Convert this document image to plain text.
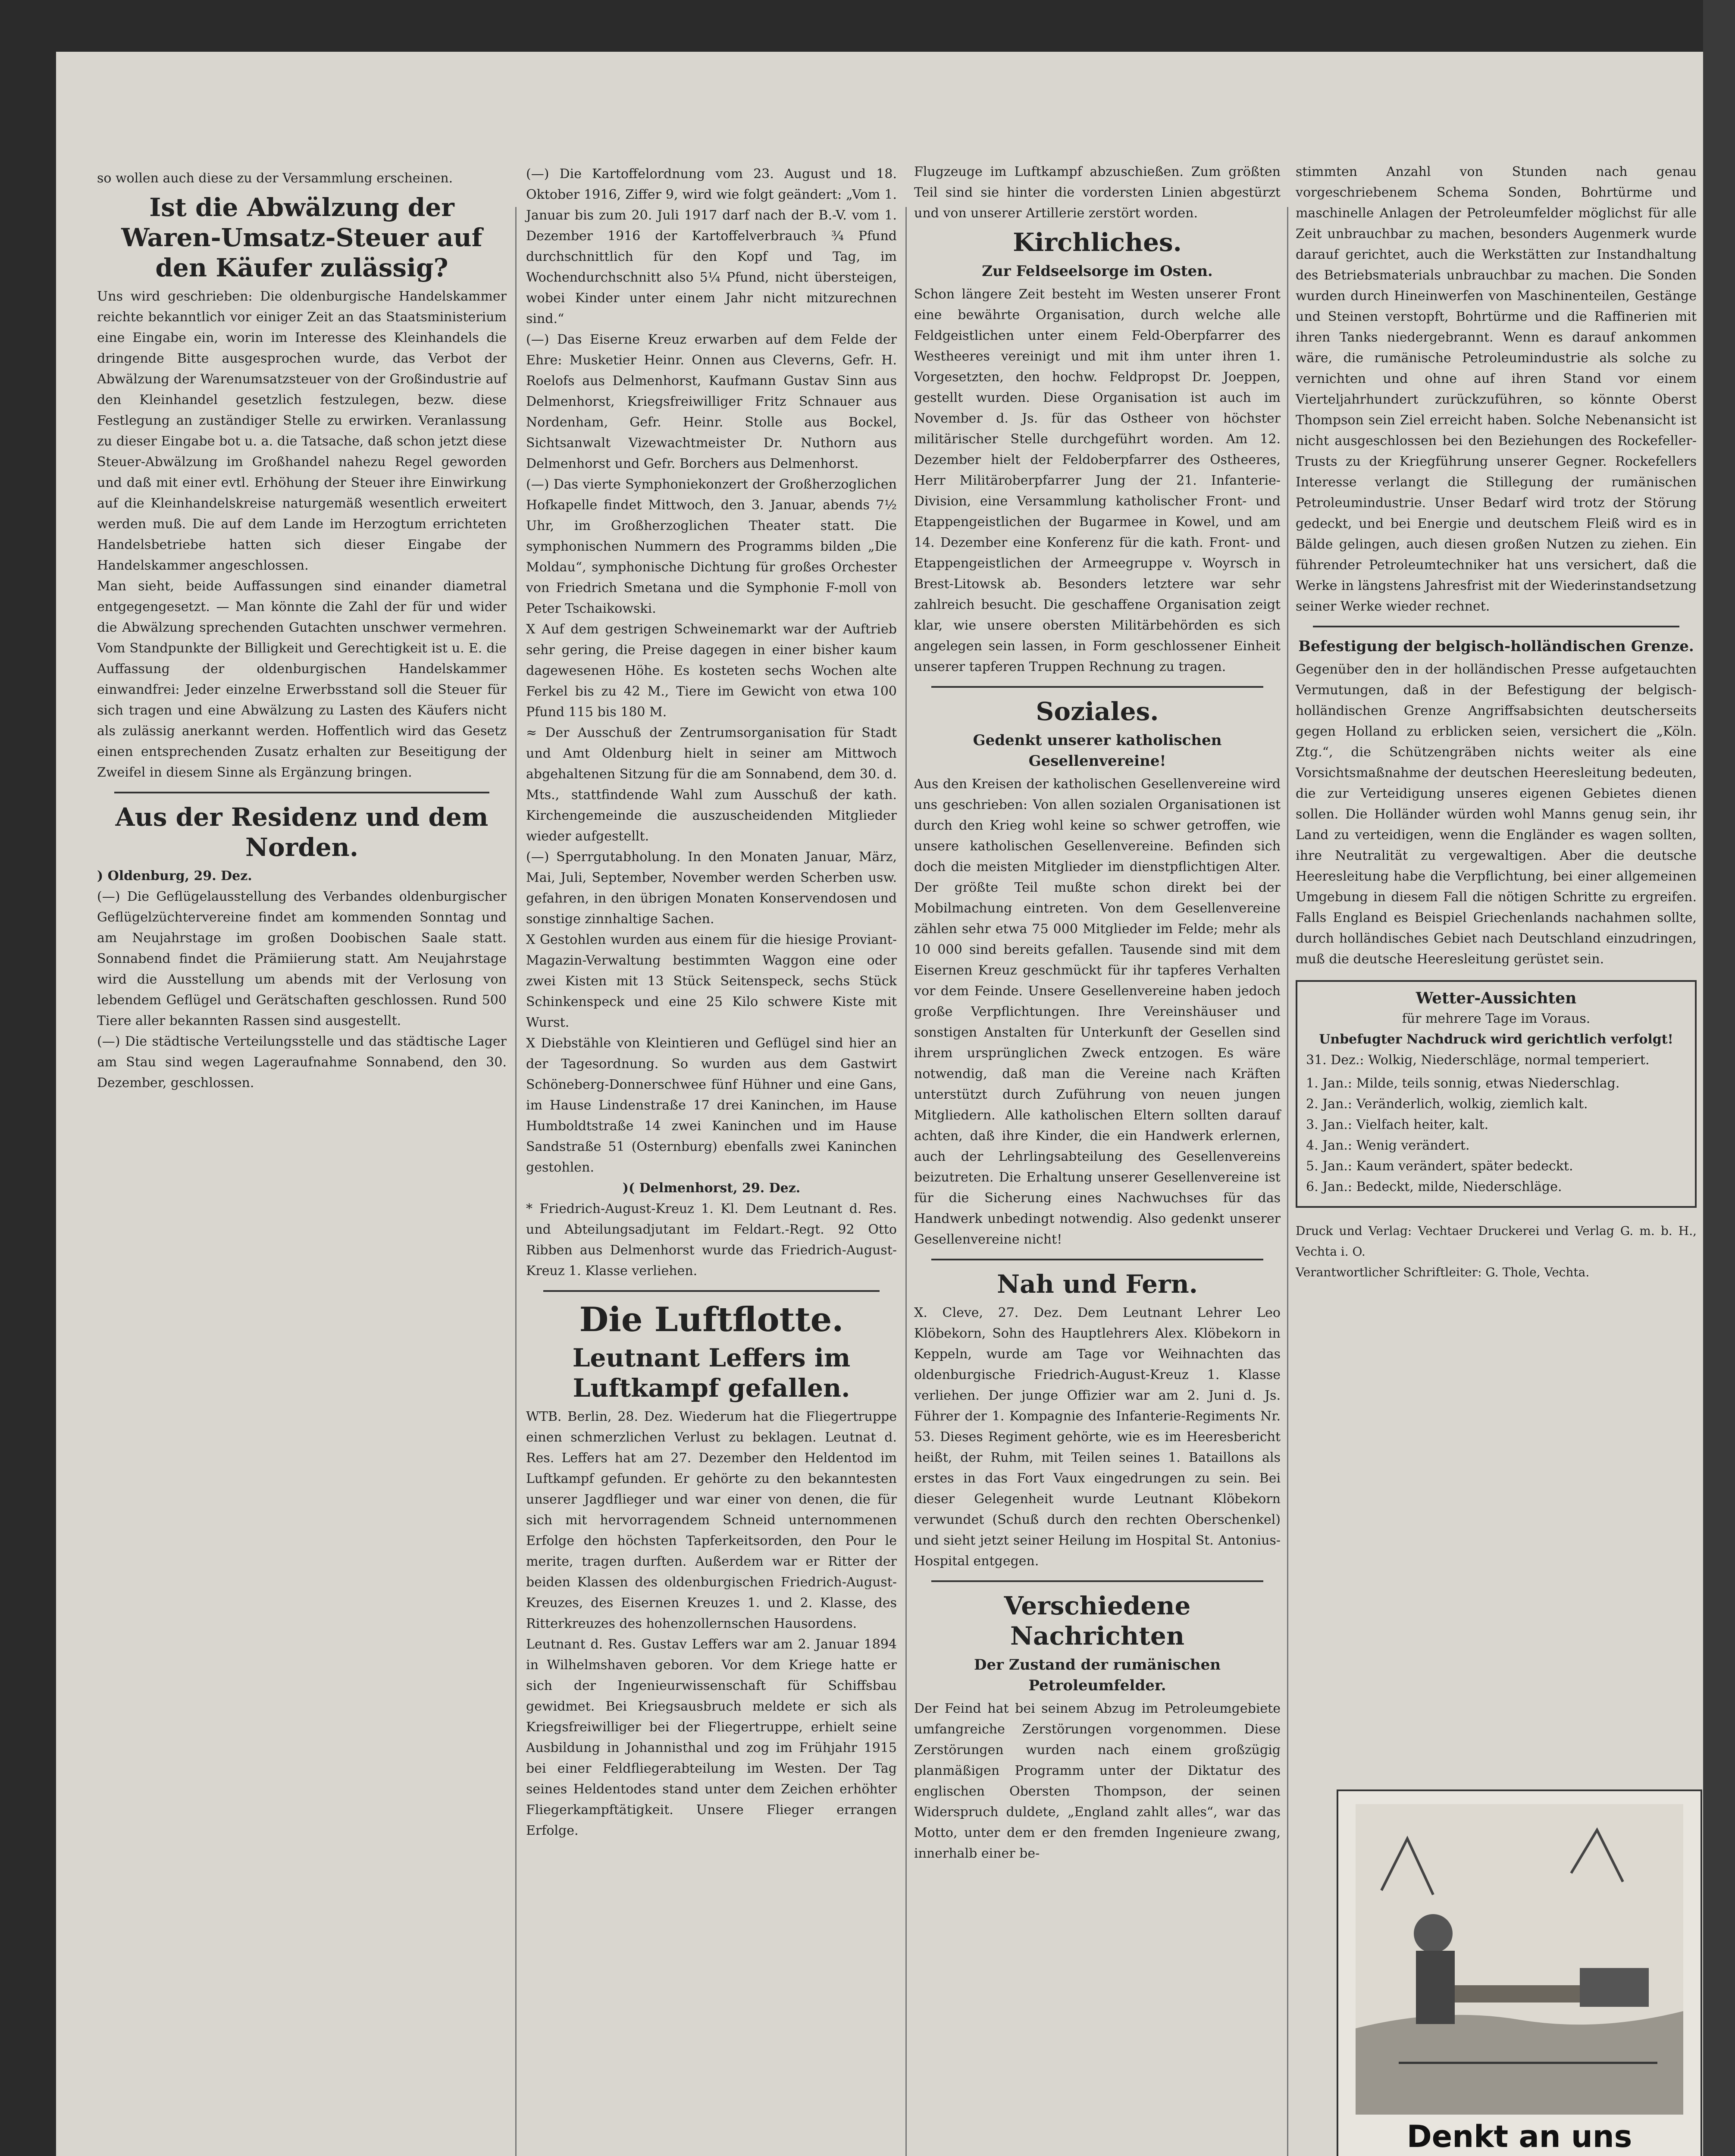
so wollen auch diese zu der Versammlung erscheinen.

Ist die Abwälzung der Waren-Umsatz-Steuer auf den Käufer zulässig?

Uns wird geschrieben: Die oldenburgische Handelskammer reichte bekanntlich vor einiger Zeit an das Staatsministerium eine Eingabe ein, worin im Interesse des Kleinhandels die dringende Bitte ausgesprochen wurde, das Verbot der Abwälzung der Warenumsatzsteuer von der Großindustrie auf den Kleinhandel gesetzlich festzulegen, bezw. diese Festlegung an zuständiger Stelle zu erwirken. Veranlassung zu dieser Eingabe bot u. a. die Tatsache, daß schon jetzt diese Steuer-Abwälzung im Großhandel nahezu Regel geworden und daß mit einer evtl. Erhöhung der Steuer ihre Einwirkung auf die Kleinhandelskreise naturgemäß wesentlich erweitert werden muß. Die auf dem Lande im Herzogtum errichteten Handelsbetriebe hatten sich dieser Eingabe der Handelskammer angeschlossen.

Man sieht, beide Auffassungen sind einander diametral entgegengesetzt. — Man könnte die Zahl der für und wider die Abwälzung sprechenden Gutachten unschwer vermehren. Vom Standpunkte der Billigkeit und Gerechtigkeit ist u. E. die Auffassung der oldenburgischen Handelskammer einwandfrei: Jeder einzelne Erwerbsstand soll die Steuer für sich tragen und eine Abwälzung zu Lasten des Käufers nicht als zulässig anerkannt werden. Hoffentlich wird das Gesetz einen entsprechenden Zusatz erhalten zur Beseitigung der Zweifel in diesem Sinne als Ergänzung bringen.

Aus der Residenz und dem Norden.

) Oldenburg, 29. Dez.

(—) Die Geflügelausstellung des Verbandes oldenburgischer Geflügelzüchtervereine findet am kommenden Sonntag und am Neujahrstage im großen Doobischen Saale statt. Sonnabend findet die Prämiierung statt. Am Neujahrstage wird die Ausstellung um abends mit der Verlosung von lebendem Geflügel und Gerätschaften geschlossen. Rund 500 Tiere aller bekannten Rassen sind ausgestellt.

(—) Die städtische Verteilungsstelle und das städtische Lager am Stau sind wegen Lageraufnahme Sonnabend, den 30. Dezember, geschlossen.

(—) Die Kartoffelordnung vom 23. August und 18. Oktober 1916, Ziffer 9, wird wie folgt geändert: „Vom 1. Januar bis zum 20. Juli 1917 darf nach der B.-V. vom 1. Dezember 1916 der Kartoffelverbrauch ¾ Pfund durchschnittlich für den Kopf und Tag, im Wochendurchschnitt also 5¼ Pfund, nicht übersteigen, wobei Kinder unter einem Jahr nicht mitzurechnen sind.“

(—) Das Eiserne Kreuz erwarben auf dem Felde der Ehre: Musketier Heinr. Onnen aus Cleverns, Gefr. H. Roelofs aus Delmenhorst, Kaufmann Gustav Sinn aus Delmenhorst, Kriegsfreiwilliger Fritz Schnauer aus Nordenham, Gefr. Heinr. Stolle aus Bockel, Sichtsanwalt Vizewachtmeister Dr. Nuthorn aus Delmenhorst und Gefr. Borchers aus Delmenhorst.

(—) Das vierte Symphoniekonzert der Großherzoglichen Hofkapelle findet Mittwoch, den 3. Januar, abends 7½ Uhr, im Großherzoglichen Theater statt. Die symphonischen Nummern des Programms bilden „Die Moldau“, symphonische Dichtung für großes Orchester von Friedrich Smetana und die Symphonie F-moll von Peter Tschaikowski.

X Auf dem gestrigen Schweinemarkt war der Auftrieb sehr gering, die Preise dagegen in einer bisher kaum dagewesenen Höhe. Es kosteten sechs Wochen alte Ferkel bis zu 42 M., Tiere im Gewicht von etwa 100 Pfund 115 bis 180 M.

≈ Der Ausschuß der Zentrumsorganisation für Stadt und Amt Oldenburg hielt in seiner am Mittwoch abgehaltenen Sitzung für die am Sonnabend, dem 30. d. Mts., stattfindende Wahl zum Ausschuß der kath. Kirchengemeinde die auszuscheidenden Mitglieder wieder aufgestellt.

(—) Sperrgutabholung. In den Monaten Januar, März, Mai, Juli, September, November werden Scherben usw. gefahren, in den übrigen Monaten Konservendosen und sonstige zinnhaltige Sachen.

X Gestohlen wurden aus einem für die hiesige Proviant-Magazin-Verwaltung bestimmten Waggon eine oder zwei Kisten mit 13 Stück Seitenspeck, sechs Stück Schinkenspeck und eine 25 Kilo schwere Kiste mit Wurst.

X Diebstähle von Kleintieren und Geflügel sind hier an der Tagesordnung. So wurden aus dem Gastwirt Schöneberg-Donnerschwee fünf Hühner und eine Gans, im Hause Lindenstraße 17 drei Kaninchen, im Hause Humboldtstraße 14 zwei Kaninchen und im Hause Sandstraße 51 (Osternburg) ebenfalls zwei Kaninchen gestohlen.

)( Delmenhorst, 29. Dez.

* Friedrich-August-Kreuz 1. Kl. Dem Leutnant d. Res. und Abteilungsadjutant im Feldart.-Regt. 92 Otto Ribben aus Delmenhorst wurde das Friedrich-August-Kreuz 1. Klasse verliehen.

Die Luftflotte.
Leutnant Leffers im Luftkampf gefallen.

WTB. Berlin, 28. Dez. Wiederum hat die Fliegertruppe einen schmerzlichen Verlust zu beklagen. Leutnat d. Res. Leffers hat am 27. Dezember den Heldentod im Luftkampf gefunden. Er gehörte zu den bekanntesten unserer Jagdflieger und war einer von denen, die für sich mit hervorragendem Schneid unternommenen Erfolge den höchsten Tapferkeitsorden, den Pour le merite, tragen durften. Außerdem war er Ritter der beiden Klassen des oldenburgischen Friedrich-August-Kreuzes, des Eisernen Kreuzes 1. und 2. Klasse, des Ritterkreuzes des hohenzollernschen Hausordens.

Leutnant d. Res. Gustav Leffers war am 2. Januar 1894 in Wilhelmshaven geboren. Vor dem Kriege hatte er sich der Ingenieurwissenschaft für Schiffsbau gewidmet. Bei Kriegsausbruch meldete er sich als Kriegsfreiwilliger bei der Fliegertruppe, erhielt seine Ausbildung in Johannisthal und zog im Frühjahr 1915 bei einer Feldfliegerabteilung im Westen. Der Tag seines Heldentodes stand unter dem Zeichen erhöhter Fliegerkampftätigkeit. Unsere Flieger errangen Erfolge.

Flugzeuge im Luftkampf abzuschießen. Zum größten Teil sind sie hinter die vordersten Linien abgestürzt und von unserer Artillerie zerstört worden.

Kirchliches.
Zur Feldseelsorge im Osten.

Schon längere Zeit besteht im Westen unserer Front eine bewährte Organisation, durch welche alle Feldgeistlichen unter einem Feld-Oberpfarrer des Westheeres vereinigt und mit ihm unter ihren 1. Vorgesetzten, den hochw. Feldpropst Dr. Joeppen, gestellt wurden. Diese Organisation ist auch im November d. Js. für das Ostheer von höchster militärischer Stelle durchgeführt worden. Am 12. Dezember hielt der Feldoberpfarrer des Ostheeres, Herr Militäroberpfarrer Jung der 21. Infanterie-Division, eine Versammlung katholischer Front- und Etappengeistlichen der Bugarmee in Kowel, und am 14. Dezember eine Konferenz für die kath. Front- und Etappengeistlichen der Armeegruppe v. Woyrsch in Brest-Litowsk ab. Besonders letztere war sehr zahlreich besucht. Die geschaffene Organisation zeigt klar, wie unsere obersten Militärbehörden es sich angelegen sein lassen, in Form geschlossener Einheit unserer tapferen Truppen Rechnung zu tragen.

Soziales.
Gedenkt unserer katholischen Gesellenvereine!

Aus den Kreisen der katholischen Gesellenvereine wird uns geschrieben: Von allen sozialen Organisationen ist durch den Krieg wohl keine so schwer getroffen, wie unsere katholischen Gesellenvereine. Befinden sich doch die meisten Mitglieder im dienstpflichtigen Alter. Der größte Teil mußte schon direkt bei der Mobilmachung eintreten. Von dem Gesellenvereine zählen sehr etwa 75 000 Mitglieder im Felde; mehr als 10 000 sind bereits gefallen. Tausende sind mit dem Eisernen Kreuz geschmückt für ihr tapferes Verhalten vor dem Feinde. Unsere Gesellenvereine haben jedoch große Verpflichtungen. Ihre Vereinshäuser und sonstigen Anstalten für Unterkunft der Gesellen sind ihrem ursprünglichen Zweck entzogen. Es wäre notwendig, daß man die Vereine nach Kräften unterstützt durch Zuführung von neuen jungen Mitgliedern. Alle katholischen Eltern sollten darauf achten, daß ihre Kinder, die ein Handwerk erlernen, auch der Lehrlingsabteilung des Gesellenvereins beizutreten. Die Erhaltung unserer Gesellenvereine ist für die Sicherung eines Nachwuchses für das Handwerk unbedingt notwendig. Also gedenkt unserer Gesellenvereine nicht!

Nah und Fern.

X. Cleve, 27. Dez. Dem Leutnant Lehrer Leo Klöbekorn, Sohn des Hauptlehrers Alex. Klöbekorn in Keppeln, wurde am Tage vor Weihnachten das oldenburgische Friedrich-August-Kreuz 1. Klasse verliehen. Der junge Offizier war am 2. Juni d. Js. Führer der 1. Kompagnie des Infanterie-Regiments Nr. 53. Dieses Regiment gehörte, wie es im Heeresbericht heißt, der Ruhm, mit Teilen seines 1. Bataillons als erstes in das Fort Vaux eingedrungen zu sein. Bei dieser Gelegenheit wurde Leutnant Klöbekorn verwundet (Schuß durch den rechten Oberschenkel) und sieht jetzt seiner Heilung im Hospital St. Antonius-Hospital entgegen.

Verschiedene Nachrichten
Der Zustand der rumänischen Petroleumfelder.

Der Feind hat bei seinem Abzug im Petroleumgebiete umfangreiche Zerstörungen vorgenommen. Diese Zerstörungen wurden nach einem großzügig planmäßigen Programm unter der Diktatur des englischen Obersten Thompson, der seinen Widerspruch duldete, „England zahlt alles“, war das Motto, unter dem er den fremden Ingenieure zwang, innerhalb einer be-

stimmten Anzahl von Stunden nach genau vorgeschriebenem Schema Sonden, Bohrtürme und maschinelle Anlagen der Petroleumfelder möglichst für alle Zeit unbrauchbar zu machen, besonders Augenmerk wurde darauf gerichtet, auch die Werkstätten zur Instandhaltung des Betriebsmaterials unbrauchbar zu machen. Die Sonden wurden durch Hineinwerfen von Maschinenteilen, Gestänge und Steinen verstopft, Bohrtürme und die Raffinerien mit ihren Tanks niedergebrannt. Wenn es darauf ankommen wäre, die rumänische Petroleumindustrie als solche zu vernichten und ohne auf ihren Stand vor einem Vierteljahrhundert zurückzuführen, so könnte Oberst Thompson sein Ziel erreicht haben. Solche Nebenansicht ist nicht ausgeschlossen bei den Beziehungen des Rockefeller-Trusts zu der Kriegführung unserer Gegner. Rockefellers Interesse verlangt die Stillegung der rumänischen Petroleumindustrie. Unser Bedarf wird trotz der Störung gedeckt, und bei Energie und deutschem Fleiß wird es in Bälde gelingen, auch diesen großen Nutzen zu ziehen. Ein führender Petroleumtechniker hat uns versichert, daß die Werke in längstens Jahresfrist mit der Wiederinstandsetzung seiner Werke wieder rechnet.

Befestigung der belgisch-holländischen Grenze.

Gegenüber den in der holländischen Presse aufgetauchten Vermutungen, daß in der Befestigung der belgisch-holländischen Grenze Angriffsabsichten deutscherseits gegen Holland zu erblicken seien, versichert die „Köln. Ztg.“, die Schützengräben nichts weiter als eine Vorsichtsmaßnahme der deutschen Heeresleitung bedeuten, die zur Verteidigung unseres eigenen Gebietes dienen sollen. Die Holländer würden wohl Manns genug sein, ihr Land zu verteidigen, wenn die Engländer es wagen sollten, ihre Neutralität zu vergewaltigen. Aber die deutsche Heeresleitung habe die Verpflichtung, bei einer allgemeinen Umgebung in diesem Fall die nötigen Schritte zu ergreifen. Falls England es Beispiel Griechenlands nachahmen sollte, durch holländisches Gebiet nach Deutschland einzudringen, muß die deutsche Heeresleitung gerüstet sein.

Wetter-Aussichten
für mehrere Tage im Voraus.
Unbefugter Nachdruck wird gerichtlich verfolgt!

31. Dez.: Wolkig, Niederschläge, normal temperiert.

1. Jan.: Milde, teils sonnig, etwas Niederschlag.
2. Jan.: Veränderlich, wolkig, ziemlich kalt.
3. Jan.: Vielfach heiter, kalt.
4. Jan.: Wenig verändert.
5. Jan.: Kaum verändert, später bedeckt.
6. Jan.: Bedeckt, milde, Niederschläge.

Druck und Verlag: Vechtaer Druckerei und Verlag G. m. b. H., Vechta i. O.

Verantwortlicher Schriftleiter: G. Thole, Vechta.

Denkt an uns
